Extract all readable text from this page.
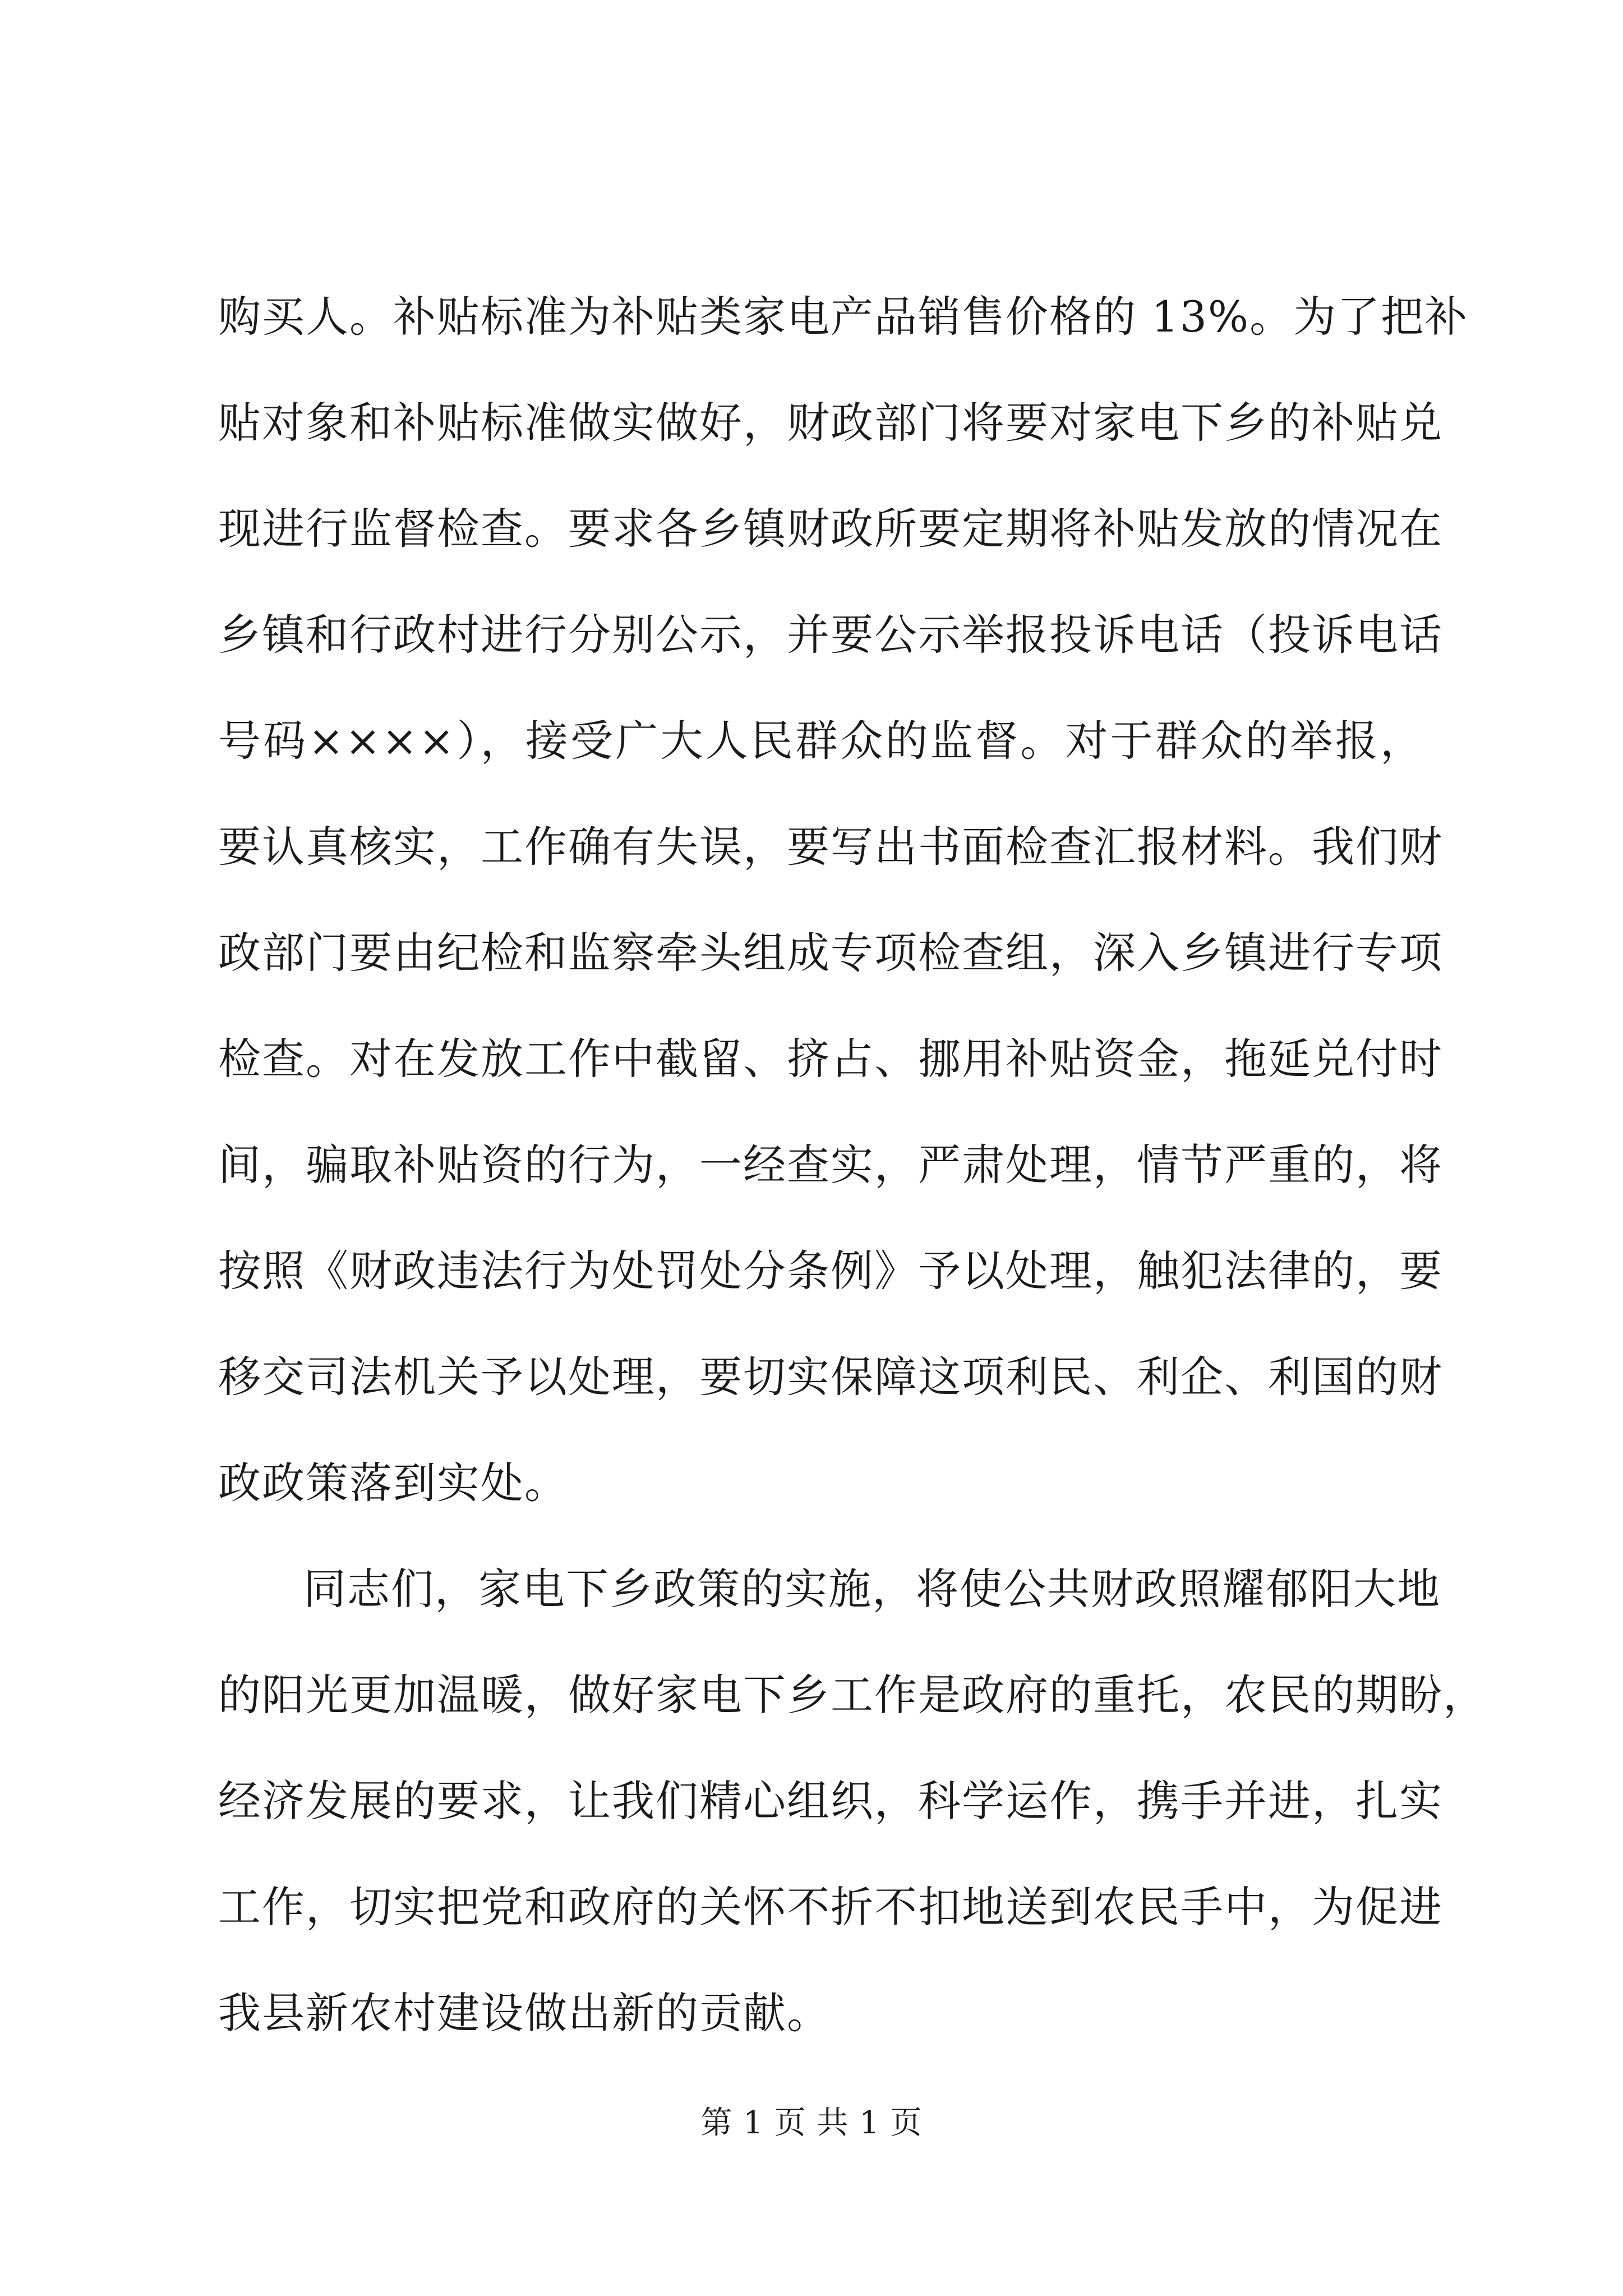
购买人。补贴标准为补贴类家电产品销售价格的 13%。为了把补
贴对象和补贴标准做实做好，财政部门将要对家电下乡的补贴兑
现进行监督检查。要求各乡镇财政所要定期将补贴发放的情况在
乡镇和行政村进行分别公示，并要公示举报投诉电话（投诉电话
号码××××），接受广大人民群众的监督。对于群众的举报，
要认真核实，工作确有失误，要写出书面检查汇报材料。我们财
政部门要由纪检和监察牵头组成专项检查组，深入乡镇进行专项
检查。对在发放工作中截留、挤占、挪用补贴资金，拖延兑付时
间，骗取补贴资的行为，一经查实，严肃处理，情节严重的，将
按照《财政违法行为处罚处分条例》予以处理，触犯法律的，要
移交司法机关予以处理，要切实保障这项利民、利企、利国的财
政政策落到实处。
同志们，家电下乡政策的实施，将使公共财政照耀郁阳大地
的阳光更加温暖，做好家电下乡工作是政府的重托，农民的期盼，
经济发展的要求，让我们精心组织，科学运作，携手并进，扎实
工作，切实把党和政府的关怀不折不扣地送到农民手中，为促进
我县新农村建设做出新的贡献。
第 1 页 共 1 页
